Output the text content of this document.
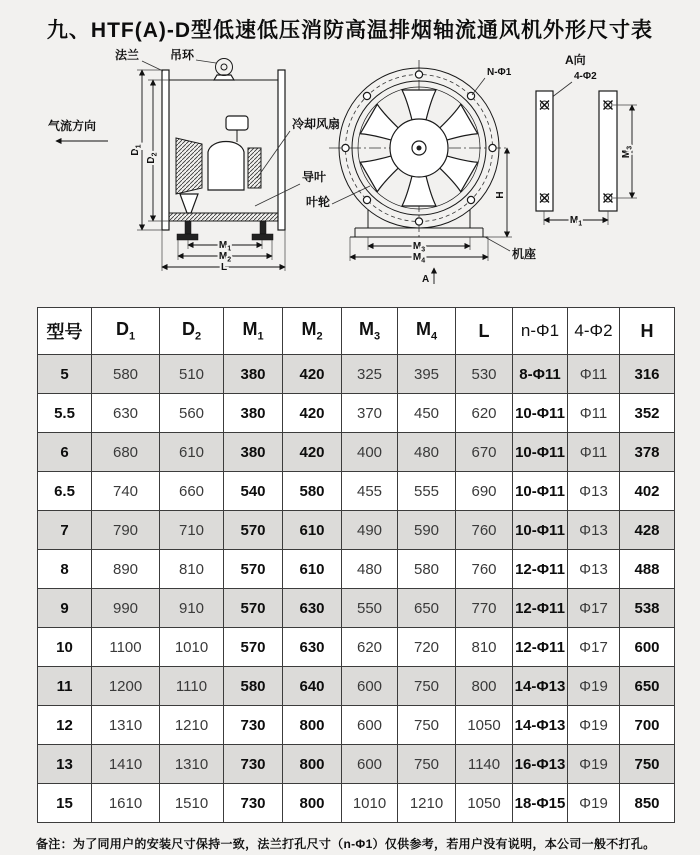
九、HTF(A)-D型低速低压消防高温排烟轴流通风机外形尺寸表
$D_1$
$D_2$
气流方向
法兰	吊环
$M_1$
$M_2$
L
冷却风扇
导叶
叶轮
N-Φ1
H
$M_3$
$M_4$	机座
A
A向
4-Φ2
$M_3$
$M_1$
型号	$D_1$	$D_2$	$M_1$	$M_2$	$M_3$	$M_4$	L	n-Φ1	4-Φ2	H
5	580	510	380	420	325	395	530	8-Φ11	Φ11	316
5.5	630	560	380	420	370	450	620	10-Φ11	Φ11	352
6	680	610	380	420	400	480	670	10-Φ11	Φ11	378
6.5	740	660	540	580	455	555	690	10-Φ11	Φ13	402
7	790	710	570	610	490	590	760	10-Φ11	Φ13	428
8	890	810	570	610	480	580	760	12-Φ11	Φ13	488
9	990	910	570	630	550	650	770	12-Φ11	Φ17	538
10	1100	1010	570	630	620	720	810	12-Φ11	Φ17	600
11	1200	1110	580	640	600	750	800	14-Φ13	Φ19	650
12	1310	1210	730	800	600	750	1050	14-Φ13	Φ19	700
13	1410	1310	730	800	600	750	1140	16-Φ13	Φ19	750
15	1610	1510	730	800	1010	1210	1050	18-Φ15	Φ19	850
备注：为了同用户的安装尺寸保持一致，法兰打孔尺寸（n-Φ1）仅供参考，若用户没有说明，本公司一般不打孔。
